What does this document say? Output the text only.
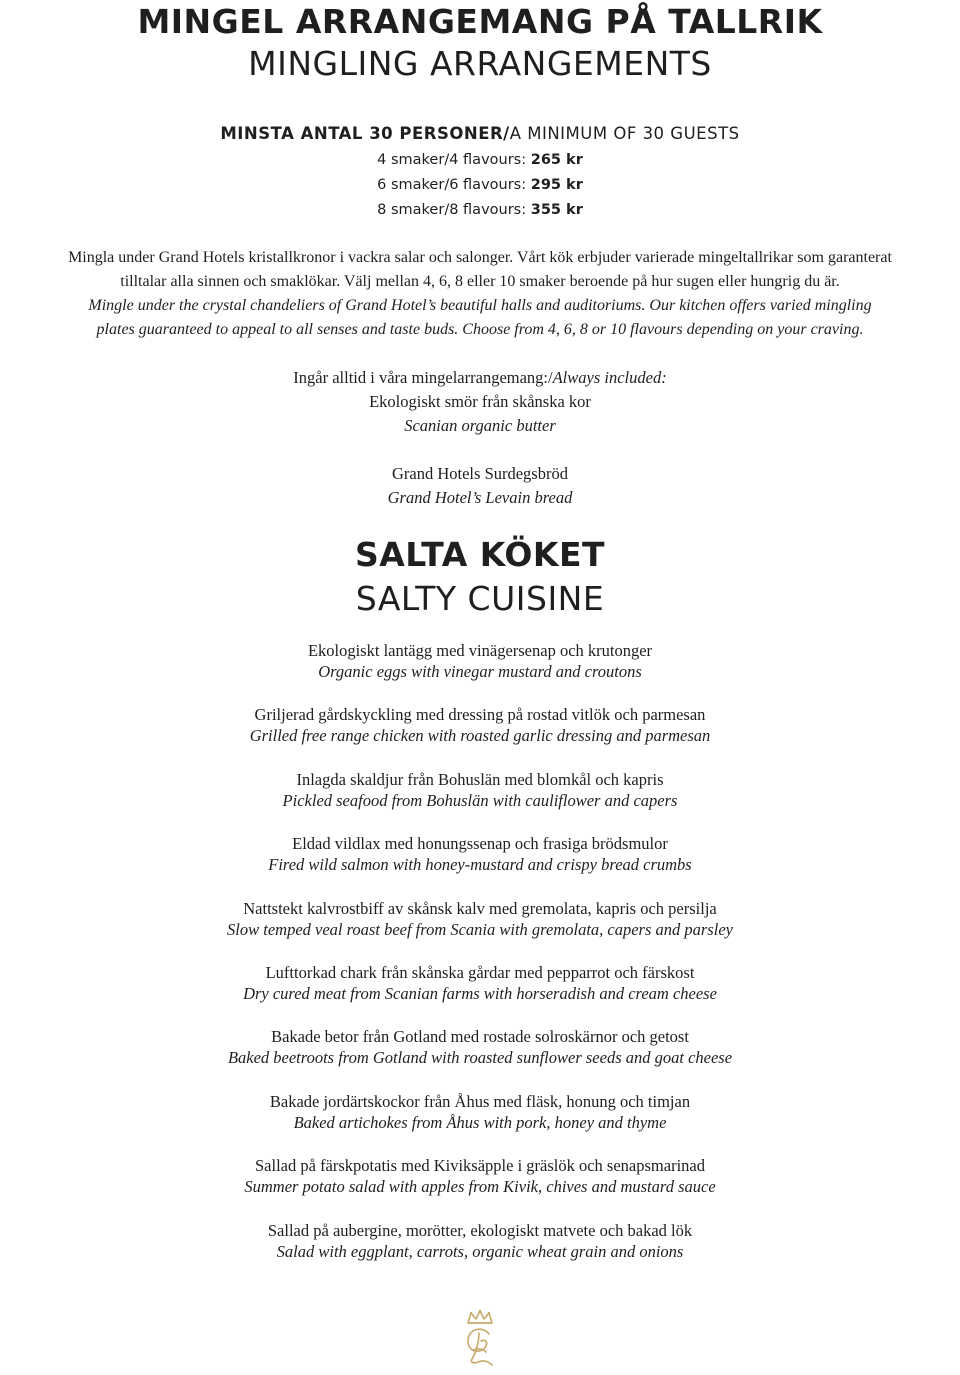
MINGEL ARRANGEMANG PÅ TALLRIK
MINGLING ARRANGEMENTS
MINSTA ANTAL 30 PERSONER/A MINIMUM OF 30 GUESTS
4 smaker/4 flavours: 265 kr
6 smaker/6 flavours: 295 kr
8 smaker/8 flavours: 355 kr
Mingla under Grand Hotels kristallkronor i vackra salar och salonger. Vårt kök erbjuder varierade mingeltallrikar som garanterat
tilltalar alla sinnen och smaklökar. Välj mellan 4, 6, 8 eller 10 smaker beroende på hur sugen eller hungrig du är.
Mingle under the crystal chandeliers of Grand Hotel’s beautiful halls and auditoriums. Our kitchen offers varied mingling
plates guaranteed to appeal to all senses and taste buds. Choose from 4, 6, 8 or 10 flavours depending on your craving.
Ingår alltid i våra mingelarrangemang:/Always included:
Ekologiskt smör från skånska kor
Scanian organic butter
Grand Hotels Surdegsbröd
Grand Hotel’s Levain bread
SALTA KÖKET
SALTY CUISINE
Ekologiskt lantägg med vinägersenap och krutonger
Organic eggs with vinegar mustard and croutons
Griljerad gårdskyckling med dressing på rostad vitlök och parmesan
Grilled free range chicken with roasted garlic dressing and parmesan
Inlagda skaldjur från Bohuslän med blomkål och kapris
Pickled seafood from Bohuslän with cauliflower and capers
Eldad vildlax med honungssenap och frasiga brödsmulor
Fired wild salmon with honey-mustard and crispy bread crumbs
Nattstekt kalvrostbiff av skånsk kalv med gremolata, kapris och persilja
Slow temped veal roast beef from Scania with gremolata, capers and parsley
Lufttorkad chark från skånska gårdar med pepparrot och färskost
Dry cured meat from Scanian farms with horseradish and cream cheese
Bakade betor från Gotland med rostade solroskärnor och getost
Baked beetroots from Gotland with roasted sunflower seeds and goat cheese
Bakade jordärtskockor från Åhus med fläsk, honung och timjan
Baked artichokes from Åhus with pork, honey and thyme
Sallad på färskpotatis med Kiviksäpple i gräslök och senapsmarinad
Summer potato salad with apples from Kivik, chives and mustard sauce
Sallad på aubergine, morötter, ekologiskt matvete och bakad lök
Salad with eggplant, carrots, organic wheat grain and onions
